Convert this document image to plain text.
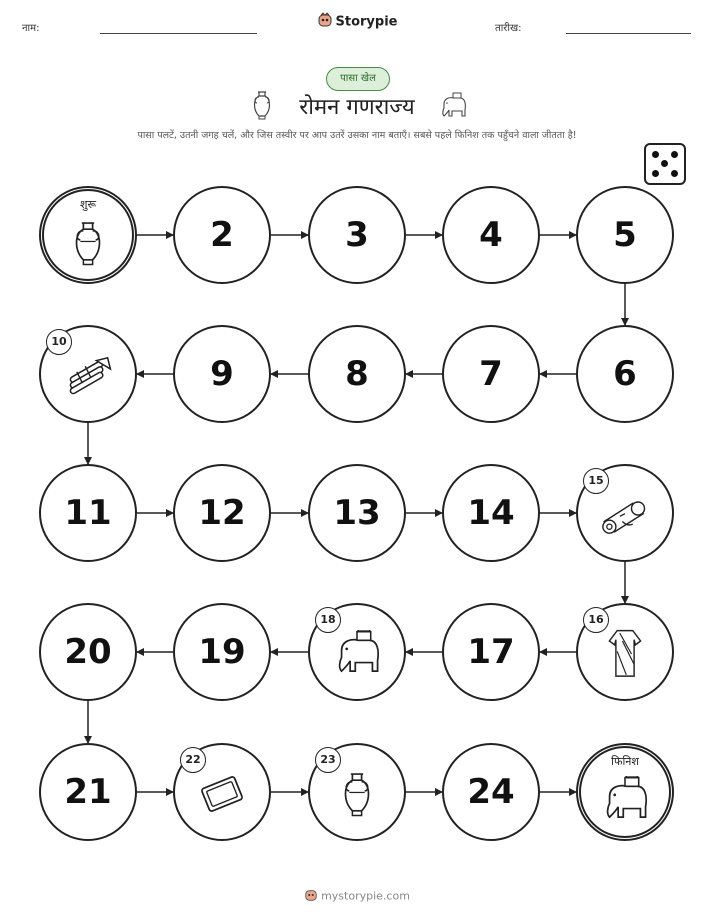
नाम:	Storypie	तारीख:
पासा खेल
रोमन गणराज्य
पासा पलटें, उतनी जगह चलें, और जिस तस्वीर पर आप उतरें उसका नाम बताएँ। सबसे पहले फिनिश तक पहुँचने वाला जीतता है!
शुरू
2	3	4	5
6
7
8
9
10
11	12	13	14
15
16
17
18
19
20
21
22	23
24
फिनिश
mystorypie.com
